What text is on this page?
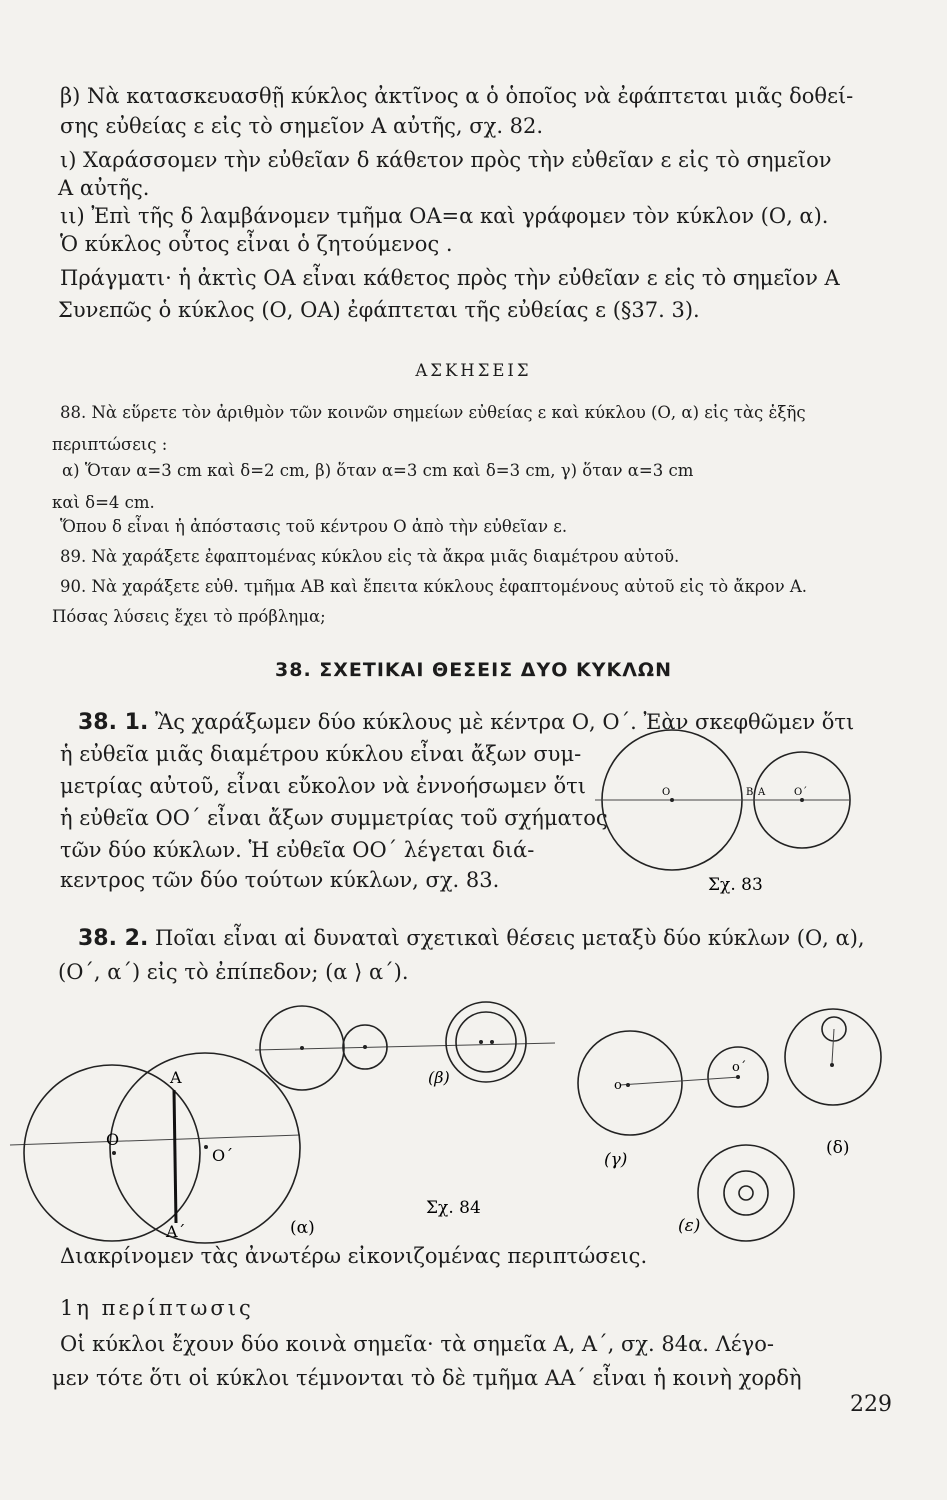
β) Νὰ κατασκευασθῇ κύκλος ἀκτῖνος α ὁ ὁποῖος νὰ ἐφάπτεται μιᾶς δοθεί-

σης εὐθείας ε εἰς τὸ σημεῖον Α αὐτῆς, σχ. 82.

ι) Χαράσσομεν τὴν εὐθεῖαν δ κάθετον πρὸς τὴν εὐθεῖαν ε εἰς τὸ σημεῖον

Α αὐτῆς.

ιι) Ἐπὶ τῆς δ λαμβάνομεν τμῆμα ΟΑ=α καὶ γράφομεν τὸν κύκλον (Ο, α).

Ὁ κύκλος οὗτος εἶναι ὁ ζητούμενος .

Πράγματι· ἡ ἀκτὶς ΟΑ εἶναι κάθετος πρὸς τὴν εὐθεῖαν ε εἰς τὸ σημεῖον Α

Συνεπῶς ὁ κύκλος (Ο, ΟΑ) ἐφάπτεται τῆς εὐθείας ε (§37. 3).

ΑΣΚΗΣΕΙΣ

88. Νὰ εὕρετε τὸν ἀριθμὸν τῶν κοινῶν σημείων εὐθείας ε καὶ κύκλου (Ο, α) εἰς τὰς ἑξῆς

περιπτώσεις :

α) Ὅταν α=3 cm καὶ δ=2 cm, β) ὅταν α=3 cm καὶ δ=3 cm, γ) ὅταν α=3 cm

καὶ δ=4 cm.

Ὅπου δ εἶναι ἡ ἀπόστασις τοῦ κέντρου Ο ἀπὸ τὴν εὐθεῖαν ε.

89. Νὰ χαράξετε ἐφαπτομένας κύκλου εἰς τὰ ἄκρα μιᾶς διαμέτρου αὐτοῦ.

90. Νὰ χαράξετε εὐθ. τμῆμα ΑΒ καὶ ἔπειτα κύκλους ἐφαπτομένους αὐτοῦ εἰς τὸ ἄκρον Α.

Πόσας λύσεις ἔχει τὸ πρόβλημα;

38. ΣΧΕΤΙΚΑΙ ΘΕΣΕΙΣ ΔΥΟ ΚΥΚΛΩΝ

38. 1. Ἂς χαράξωμεν δύο κύκλους μὲ κέντρα Ο, Ο΄. Ἐὰν σκεφθῶμεν ὅτι

ἡ εὐθεῖα μιᾶς διαμέτρου κύκλου εἶναι ἄξων συμ-

μετρίας αὐτοῦ, εἶναι εὔκολον νὰ ἐννοήσωμεν ὅτι

ἡ εὐθεῖα ΟΟ΄ εἶναι ἄξων συμμετρίας τοῦ σχήματος

τῶν δύο κύκλων. Ἡ εὐθεῖα ΟΟ΄ λέγεται διά-

κεντρος τῶν δύο τούτων κύκλων, σχ. 83.

Ο	Β Α	Ο΄
Σχ. 83

38. 2. Ποῖαι εἶναι αἱ δυναταὶ σχετικαὶ θέσεις μεταξὺ δύο κύκλων (Ο, α),

(Ο΄, α΄) εἰς τὸ ἐπίπεδον; (α ⟩ α΄).

Α
Ο
Ο΄
Α΄	(α)
Σχ. 84
(β)	ο
ο΄
(γ)
(δ)
(ε)

Διακρίνομεν τὰς ἀνωτέρω εἰκονιζομένας περιπτώσεις.

1η περίπτωσις

Οἱ κύκλοι ἔχουν δύο κοινὰ σημεῖα· τὰ σημεῖα Α, Α΄, σχ. 84α. Λέγο-

μεν τότε ὅτι οἱ κύκλοι τέμνονται τὸ δὲ τμῆμα ΑΑ΄ εἶναι ἡ κοινὴ χορδὴ

229
